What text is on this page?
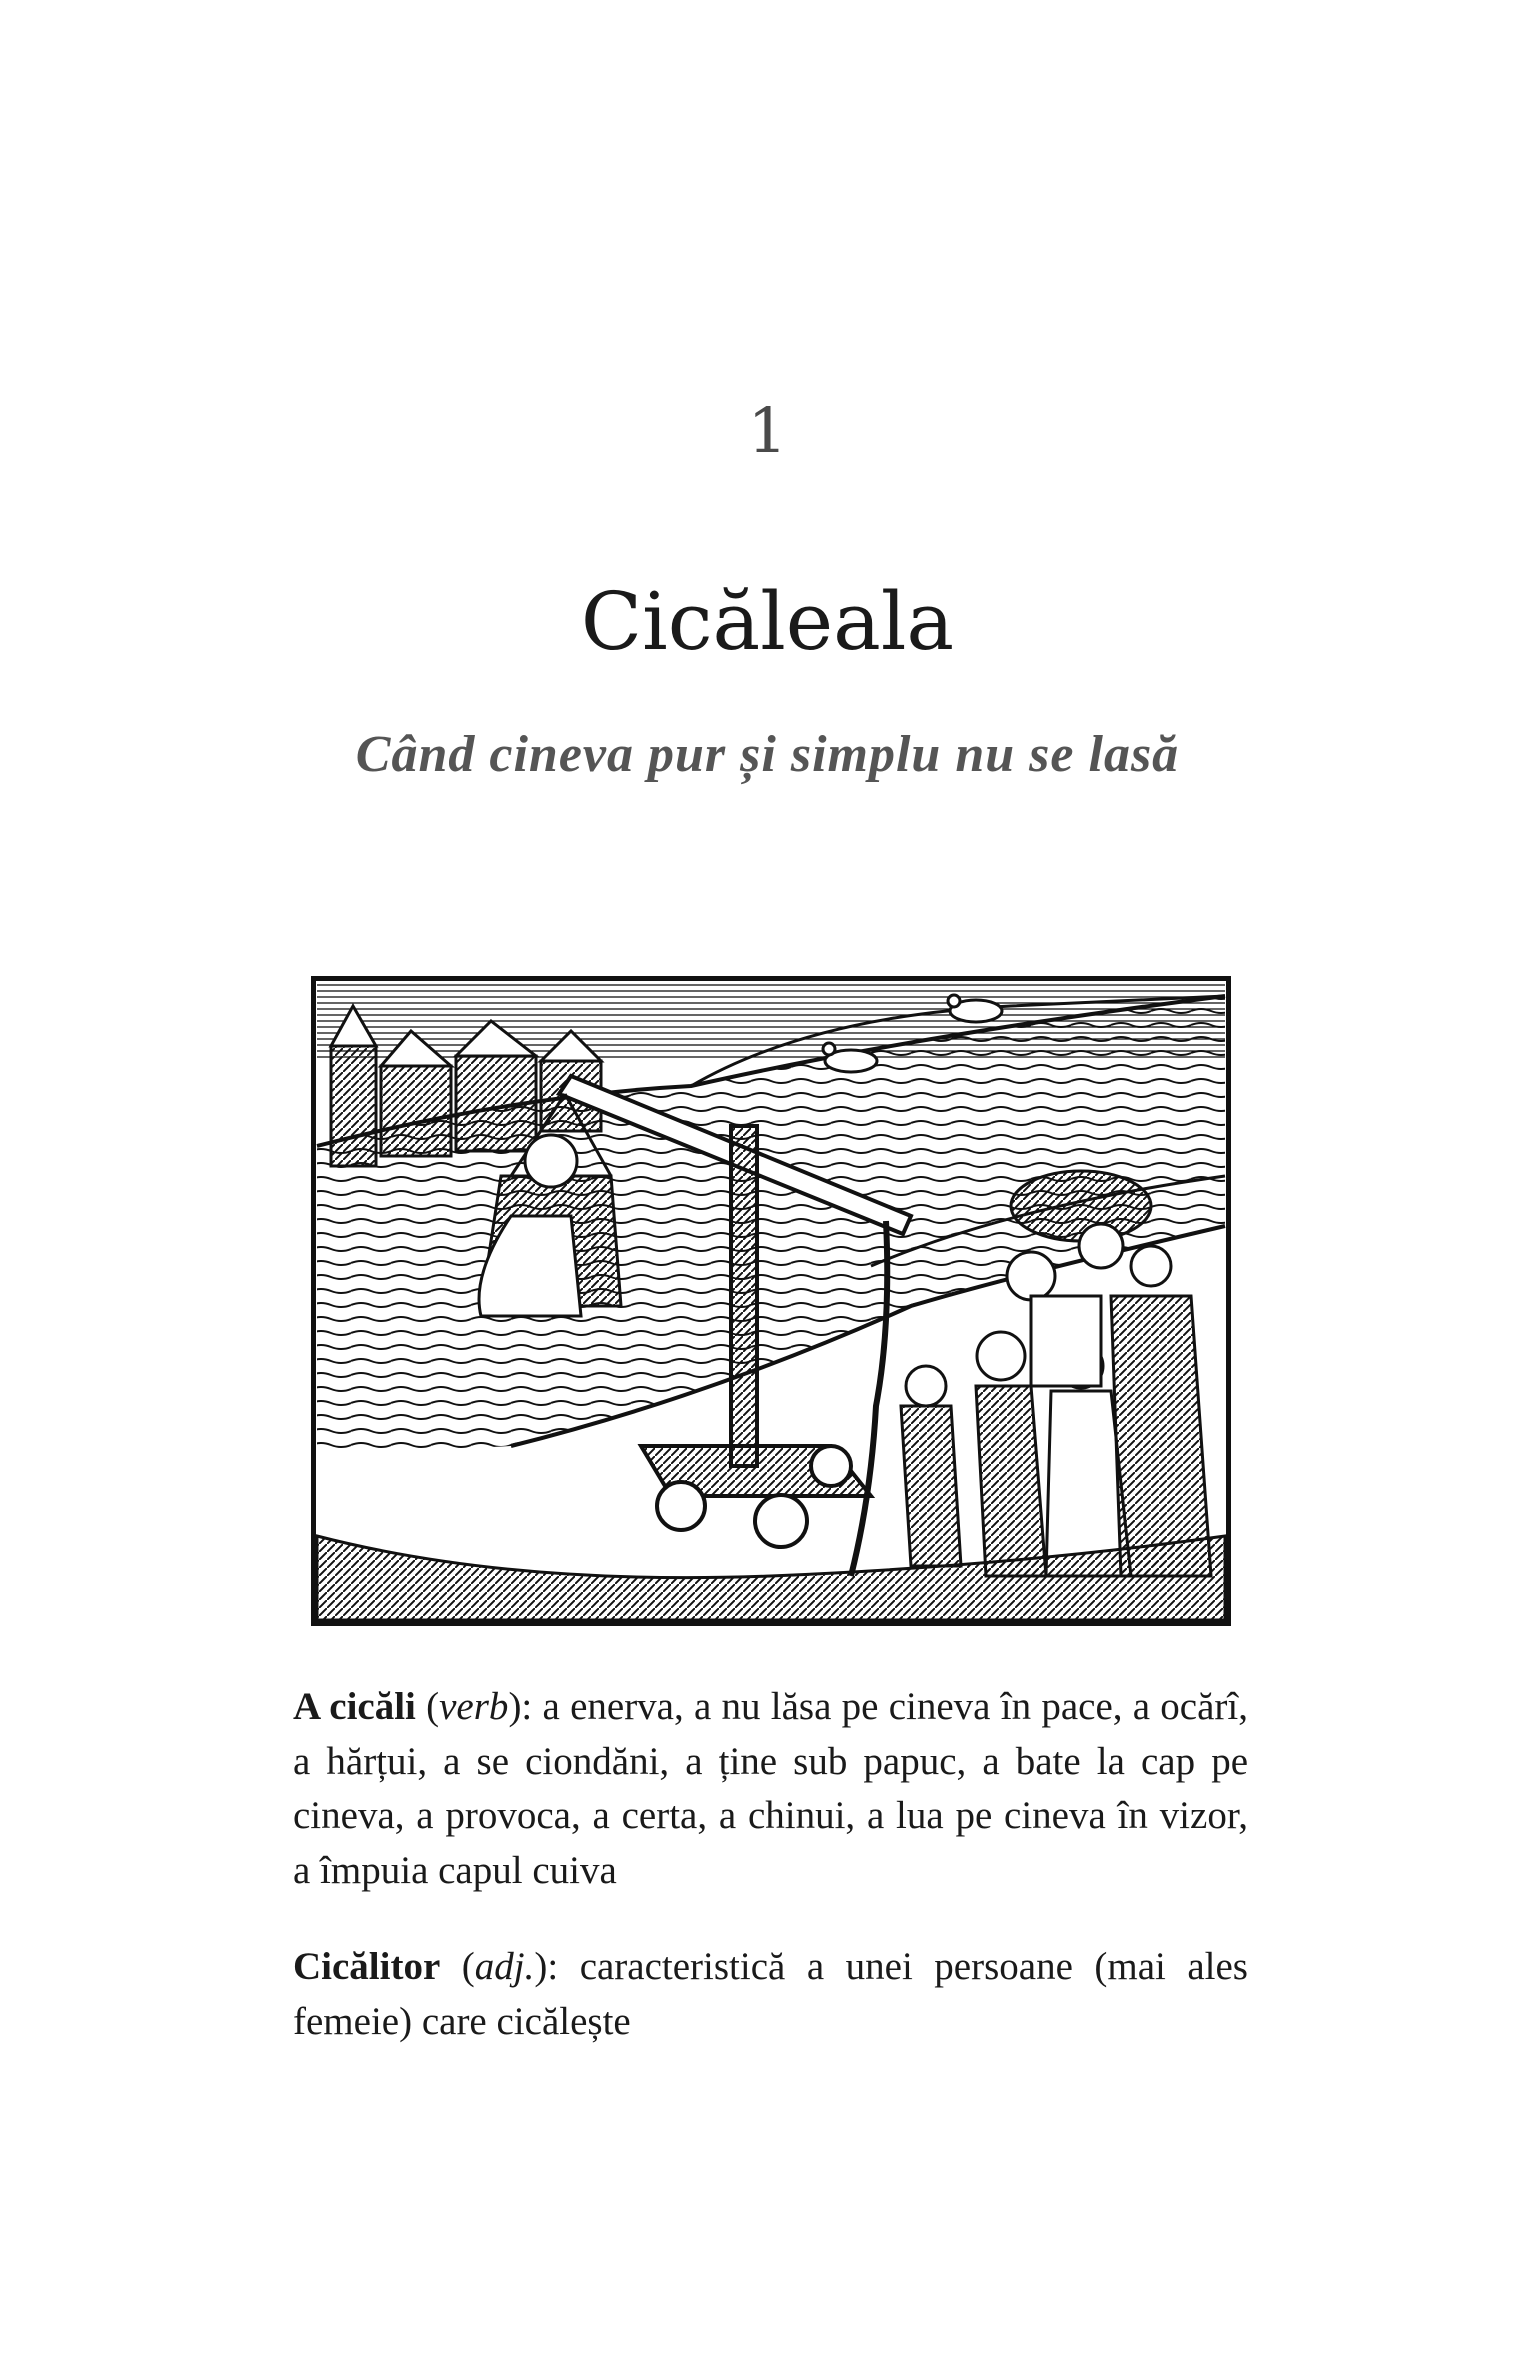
1
Cicăleala
Când cineva pur și simplu nu se lasă

A cicăli (verb): a enerva, a nu lăsa pe cineva în pace, a ocărî, a hărțui, a se ciondăni, a ține sub papuc, a bate la cap pe cineva, a provoca, a certa, a chinui, a lua pe cineva în vizor, a împuia capul cuiva

Cicălitor (adj.): caracteristică a unei persoane (mai ales femeie) care cicălește
